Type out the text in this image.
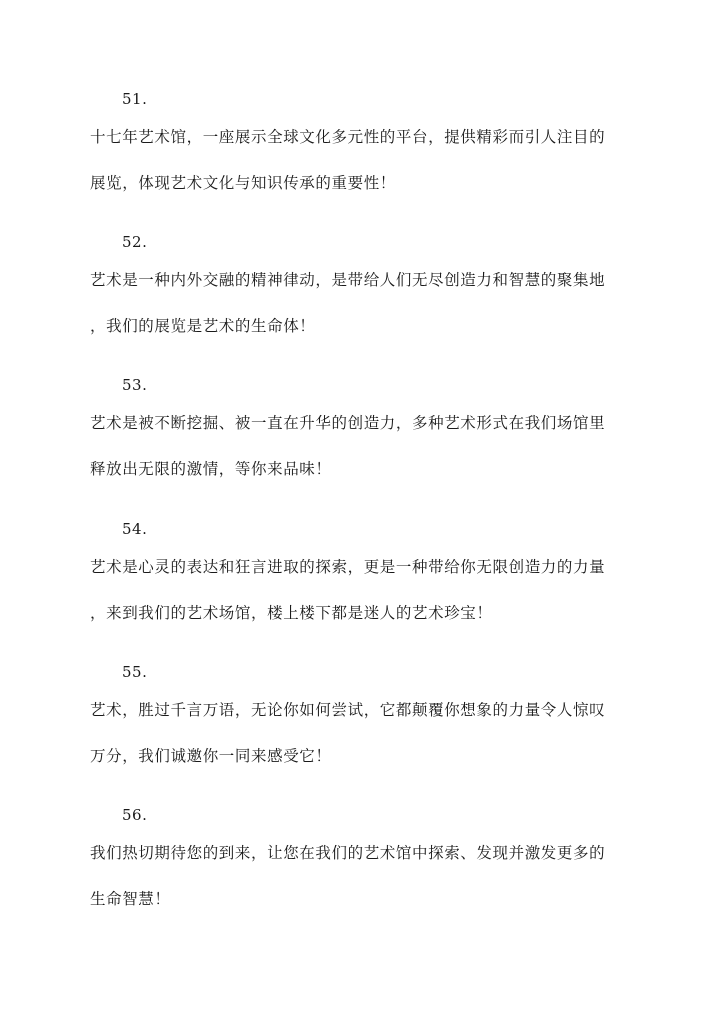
51.
十七年艺术馆，一座展示全球文化多元性的平台，提供精彩而引人注目的
展览，体现艺术文化与知识传承的重要性！
52.
艺术是一种内外交融的精神律动，是带给人们无尽创造力和智慧的聚集地
，我们的展览是艺术的生命体！
53.
艺术是被不断挖掘、被一直在升华的创造力，多种艺术形式在我们场馆里
释放出无限的激情，等你来品味！
54.
艺术是心灵的表达和狂言进取的探索，更是一种带给你无限创造力的力量
，来到我们的艺术场馆，楼上楼下都是迷人的艺术珍宝！
55.
艺术，胜过千言万语，无论你如何尝试，它都颠覆你想象的力量令人惊叹
万分，我们诚邀你一同来感受它！
56.
我们热切期待您的到来，让您在我们的艺术馆中探索、发现并激发更多的
生命智慧！
